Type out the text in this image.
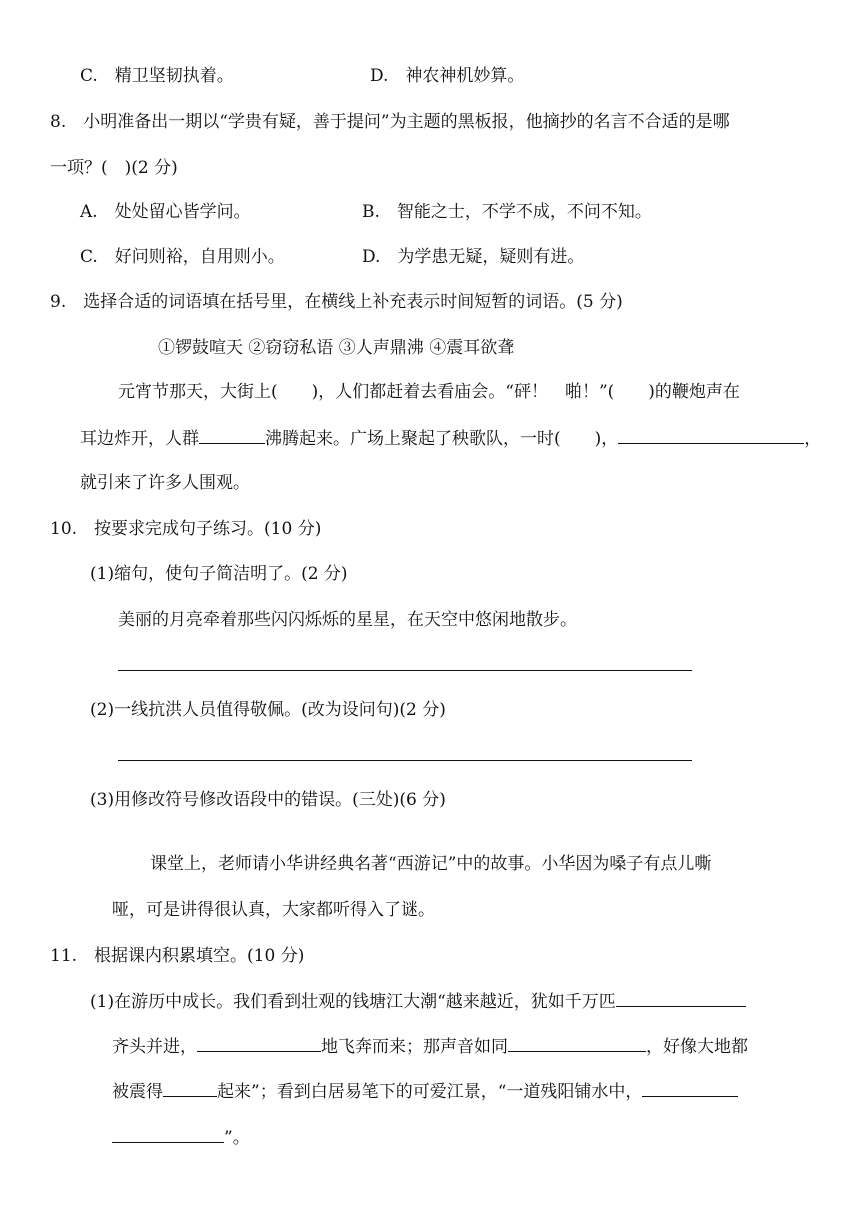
C.　精卫坚韧执着。	D.　神农神机妙算。
8.　小明准备出一期以“学贵有疑，善于提问”为主题的黑板报，他摘抄的名言不合适的是哪
一项？(　)(2 分)
A.　处处留心皆学问。	B.　智能之士，不学不成，不问不知。
C.　好问则裕，自用则小。	D.　为学患无疑，疑则有进。
9.　选择合适的词语填在括号里，在横线上补充表示时间短暂的词语。(5 分)
①锣鼓喧天 ②窃窃私语 ③人声鼎沸 ④震耳欲聋
元宵节那天，大街上(　　)，人们都赶着去看庙会。“砰！　啪！”(　　)的鞭炮声在
耳边炸开，人群	沸腾起来。广场上聚起了秧歌队，一时(　　)，	，
就引来了许多人围观。
10.　按要求完成句子练习。(10 分)
(1)缩句，使句子简洁明了。(2 分)
美丽的月亮牵着那些闪闪烁烁的星星，在天空中悠闲地散步。
(2)一线抗洪人员值得敬佩。(改为设问句)(2 分)
(3)用修改符号修改语段中的错误。(三处)(6 分)
课堂上，老师请小华讲经典名著“西游记”中的故事。小华因为嗓子有点儿嘶
哑，可是讲得很认真，大家都听得入了谜。
11.　根据课内积累填空。(10 分)
(1)在游历中成长。我们看到壮观的钱塘江大潮“越来越近，犹如千万匹
齐头并进，	地飞奔而来；那声音如同	，好像大地都
被震得	起来”；看到白居易笔下的可爱江景，“一道残阳铺水中，
”。
